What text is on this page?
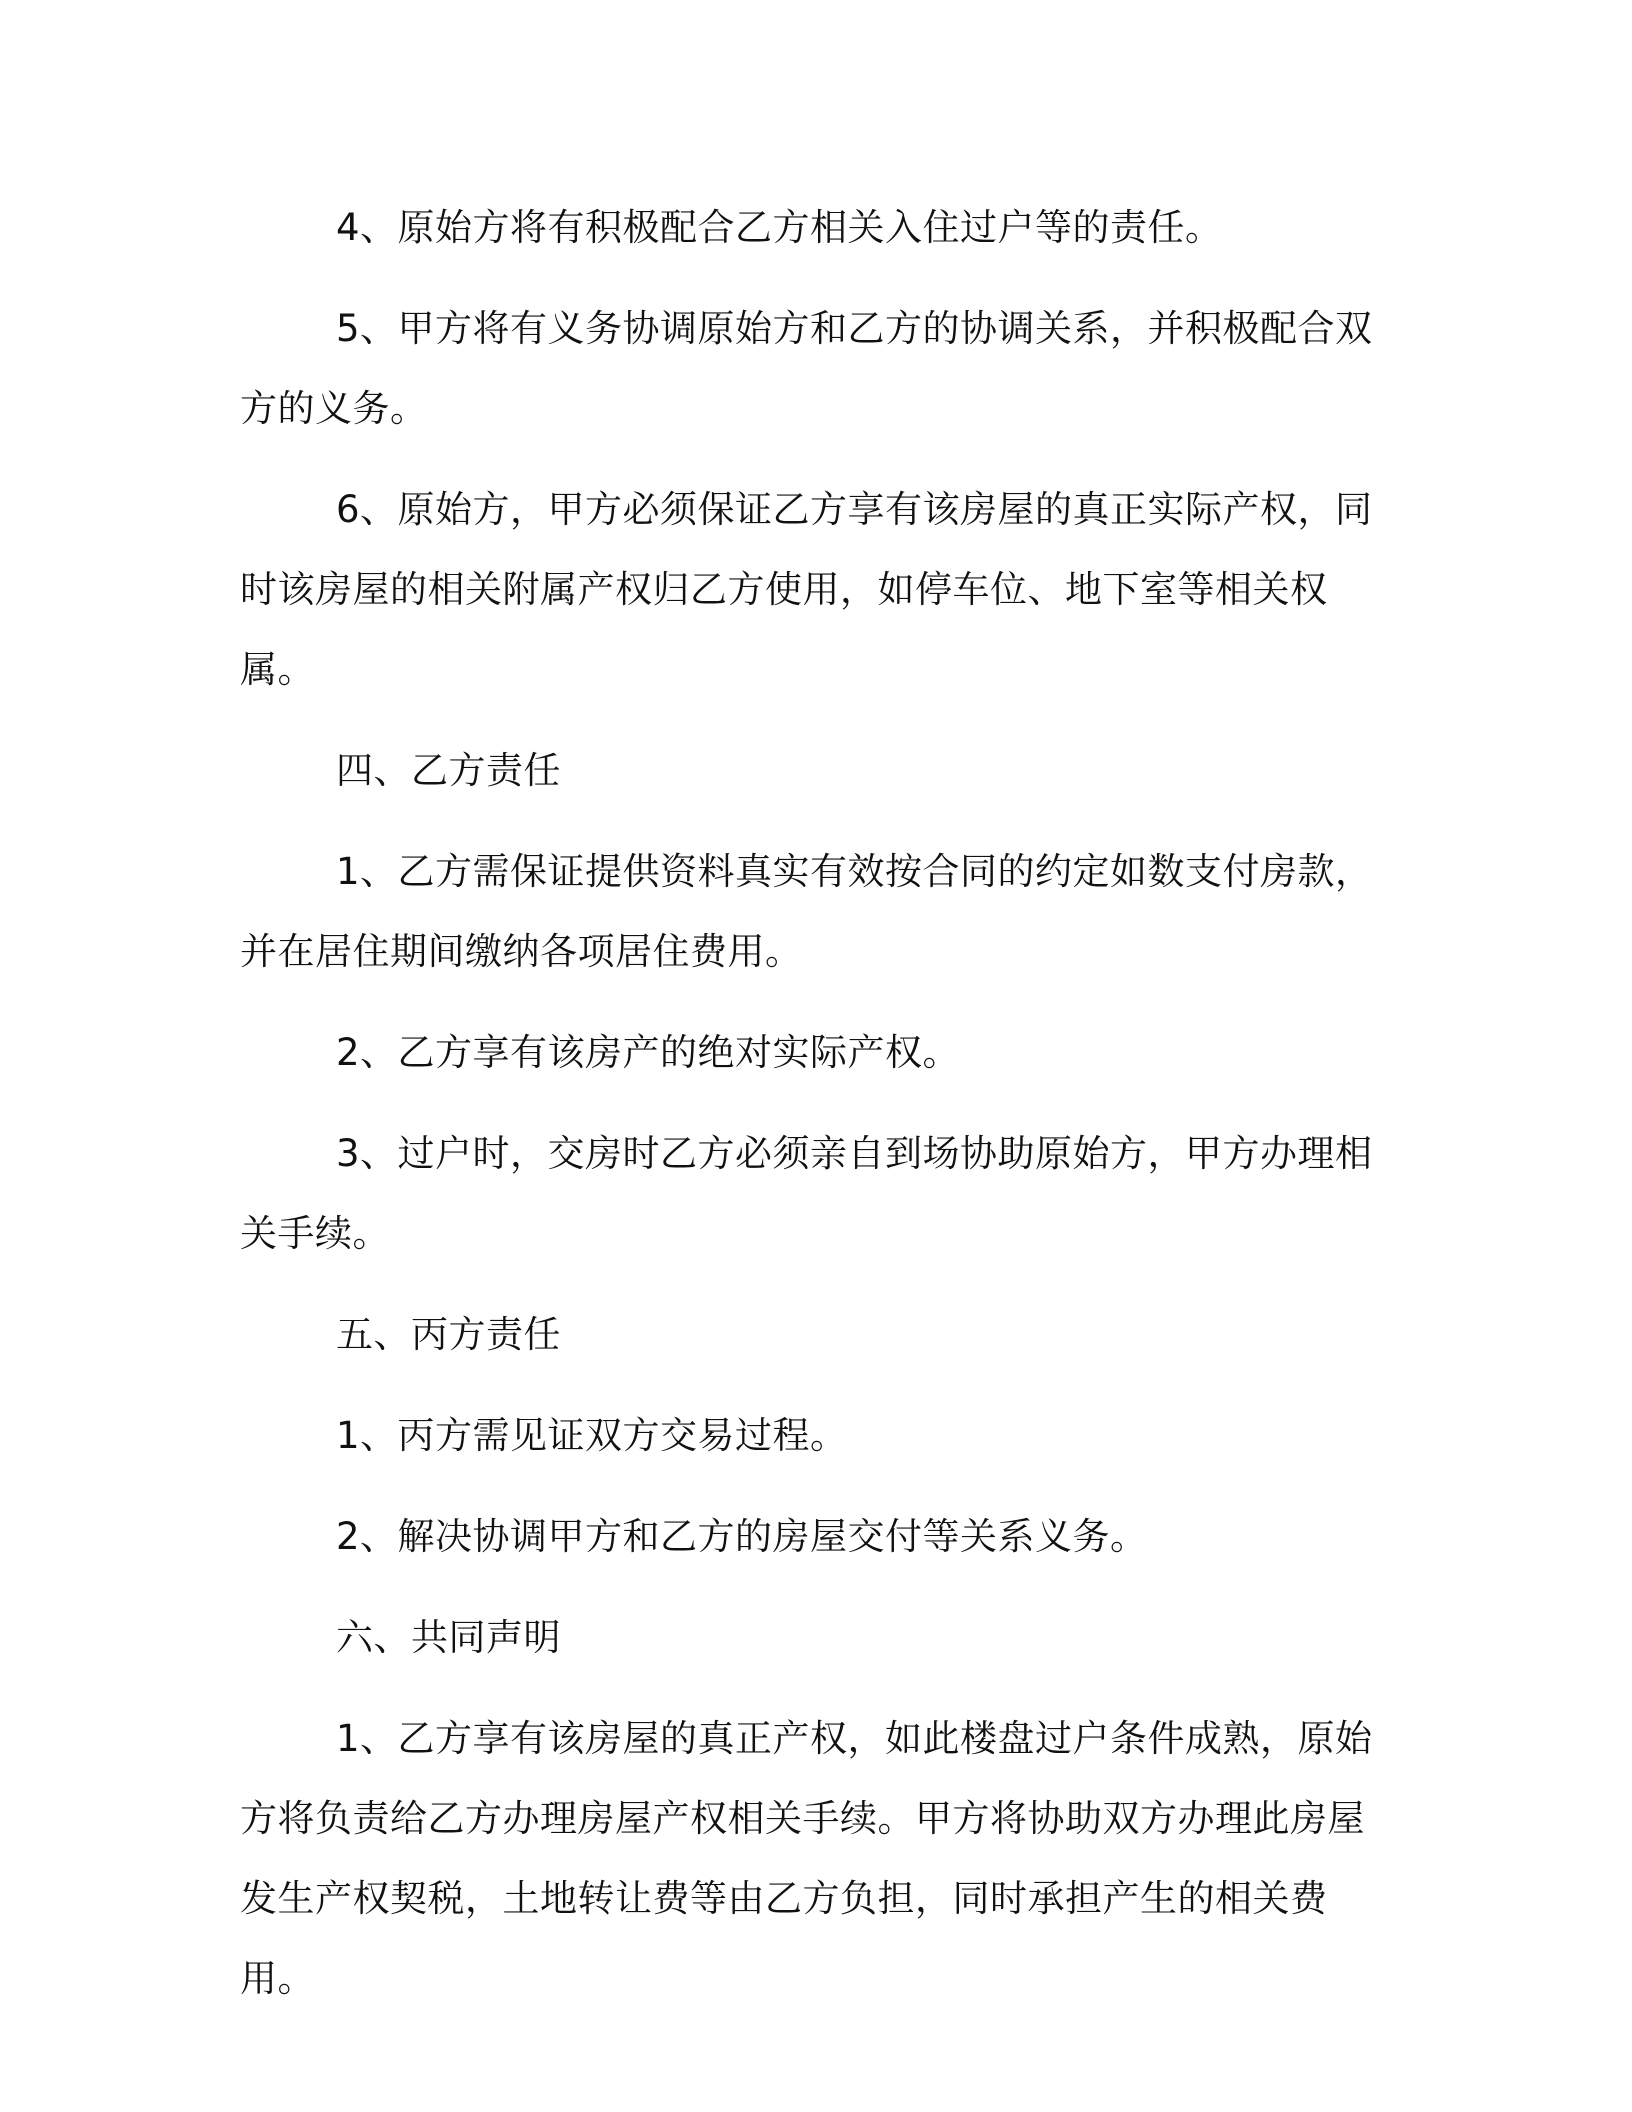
4、原始方将有积极配合乙方相关入住过户等的责任。

5、甲方将有义务协调原始方和乙方的协调关系，并积极配合双方的义务。

6、原始方，甲方必须保证乙方享有该房屋的真正实际产权，同时该房屋的相关附属产权归乙方使用，如停车位、地下室等相关权属。

四、乙方责任

1、乙方需保证提供资料真实有效按合同的约定如数支付房款，并在居住期间缴纳各项居住费用。

2、乙方享有该房产的绝对实际产权。

3、过户时，交房时乙方必须亲自到场协助原始方，甲方办理相关手续。

五、丙方责任

1、丙方需见证双方交易过程。

2、解决协调甲方和乙方的房屋交付等关系义务。

六、共同声明

1、乙方享有该房屋的真正产权，如此楼盘过户条件成熟，原始方将负责给乙方办理房屋产权相关手续。甲方将协助双方办理此房屋发生产权契税，土地转让费等由乙方负担，同时承担产生的相关费用。
